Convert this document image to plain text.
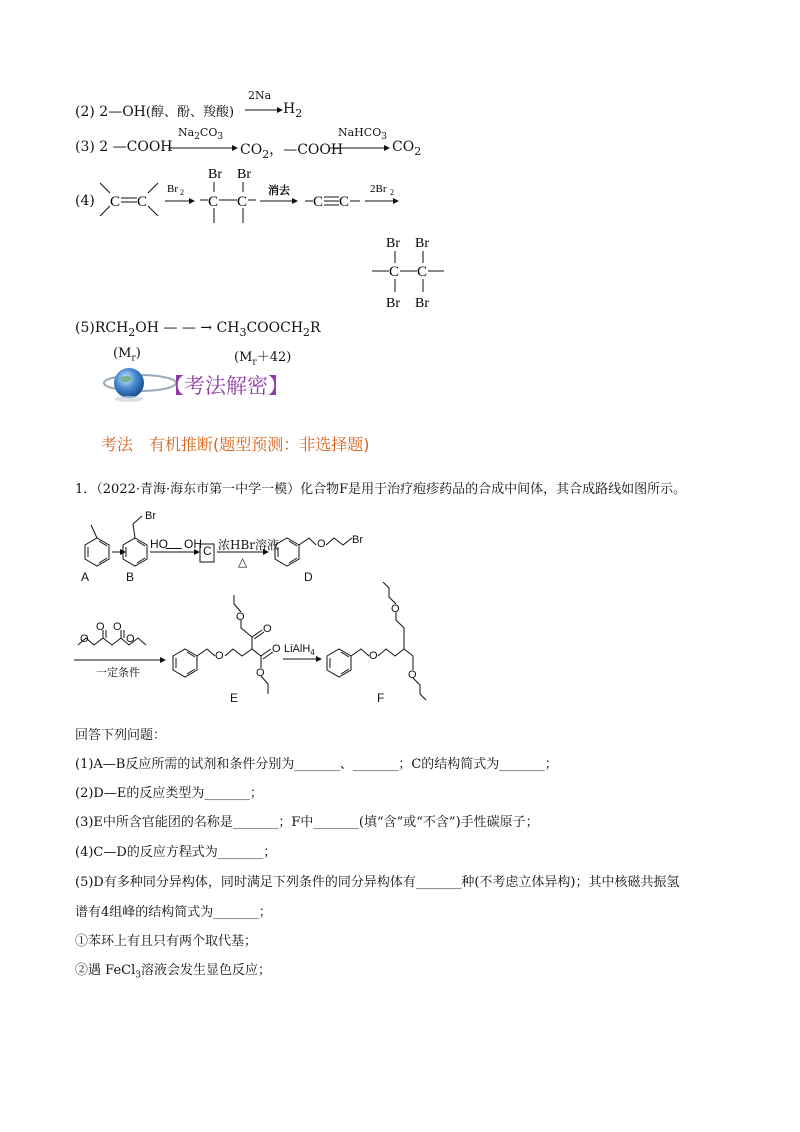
(2) 2—OH(醇、酚、羧酸)
2Na
$H_2$
(3) 2 —COOH
$Na_2CO_3$
$CO_2$，—COOH
NaHCO$_3$
$CO_2$
(4) C C
Br 2
Br Br
C C	C C
2Br 2
Br Br
C C
Br Br
消去
$(5)RCH_2OH$ — — → $CH_3COOCH_2R$
$(M_r)$	$(M_r+42)$
【考法解密】
考法　有机推断(题型预测：非选择题)
1．（2022·青海·海东市第一中学一模）化合物F是用于治疗疱疹药品的合成中间体，其合成路线如图所示。
Br
HO OH C 浓HBr溶液
△
O Br
A	B	D
O O
O	O
一定条件
O
O
O
O
O
LiAlH$_4$	O
O
O
E	F
回答下列问题：
(1)A—B反应所需的试剂和条件分别为_______、_______；C的结构简式为_______；
(2)D—E的反应类型为_______；
(3)E中所含官能团的名称是_______；F中_______(填“含”或“不含”)手性碳原子；
(4)C—D的反应方程式为_______；
(5)D有多种同分异构体，同时满足下列条件的同分异构体有_______种(不考虑立体异构)；其中核磁共振氢
谱有4组峰的结构简式为_______；
①苯环上有且只有两个取代基；
②遇 FeCl$_3$溶液会发生显色反应；
